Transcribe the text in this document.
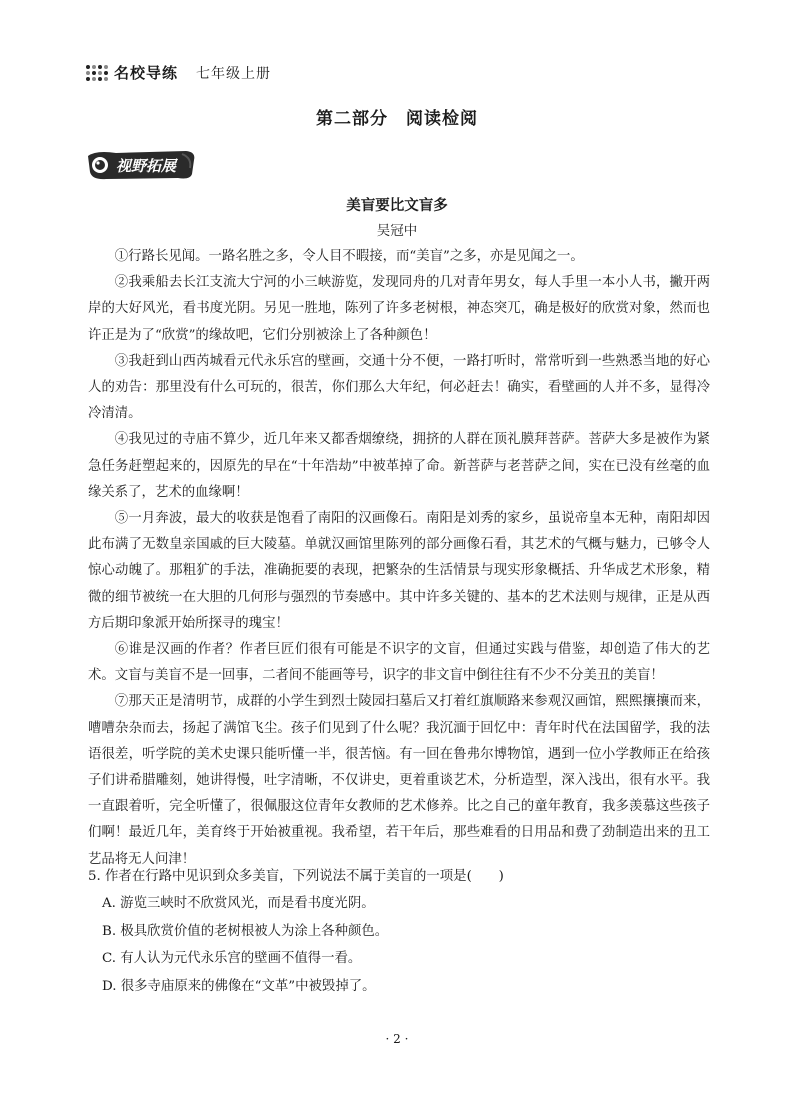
名校导练 七年级上册
第二部分　阅读检阅
视野拓展
美盲要比文盲多
吴冠中

①行路长见闻。一路名胜之多，令人目不暇接，而“美盲”之多，亦是见闻之一。

②我乘船去长江支流大宁河的小三峡游览，发现同舟的几对青年男女，每人手里一本小人书，撇开两岸的大好风光，看书度光阴。另见一胜地，陈列了许多老树根，神态突兀，确是极好的欣赏对象，然而也许正是为了“欣赏”的缘故吧，它们分别被涂上了各种颜色！

③我赶到山西芮城看元代永乐宫的壁画，交通十分不便，一路打听时，常常听到一些熟悉当地的好心人的劝告：那里没有什么可玩的，很苦，你们那么大年纪，何必赶去！确实，看壁画的人并不多，显得冷冷清清。

④我见过的寺庙不算少，近几年来又都香烟缭绕，拥挤的人群在顶礼膜拜菩萨。菩萨大多是被作为紧急任务赶塑起来的，因原先的早在“十年浩劫”中被革掉了命。新菩萨与老菩萨之间，实在已没有丝毫的血缘关系了，艺术的血缘啊！

⑤一月奔波，最大的收获是饱看了南阳的汉画像石。南阳是刘秀的家乡，虽说帝皇本无种，南阳却因此布满了无数皇亲国戚的巨大陵墓。单就汉画馆里陈列的部分画像石看，其艺术的气概与魅力，已够令人惊心动魄了。那粗犷的手法，准确扼要的表现，把繁杂的生活情景与现实形象概括、升华成艺术形象，精微的细节被统一在大胆的几何形与强烈的节奏感中。其中许多关键的、基本的艺术法则与规律，正是从西方后期印象派开始所探寻的瑰宝！

⑥谁是汉画的作者？作者巨匠们很有可能是不识字的文盲，但通过实践与借鉴，却创造了伟大的艺术。文盲与美盲不是一回事，二者间不能画等号，识字的非文盲中倒往往有不少不分美丑的美盲！

⑦那天正是清明节，成群的小学生到烈士陵园扫墓后又打着红旗顺路来参观汉画馆，熙熙攘攘而来，嘈嘈杂杂而去，扬起了满馆飞尘。孩子们见到了什么呢？我沉湎于回忆中：青年时代在法国留学，我的法语很差，听学院的美术史课只能听懂一半，很苦恼。有一回在鲁弗尔博物馆，遇到一位小学教师正在给孩子们讲希腊雕刻，她讲得慢，吐字清晰，不仅讲史，更着重谈艺术，分析造型，深入浅出，很有水平。我一直跟着听，完全听懂了，很佩服这位青年女教师的艺术修养。比之自己的童年教育，我多羡慕这些孩子们啊！最近几年，美育终于开始被重视。我希望，若干年后，那些难看的日用品和费了劲制造出来的丑工艺品将无人问津！

5. 作者在行路中见识到众多美盲，下列说法不属于美盲的一项是(　　)
A. 游览三峡时不欣赏风光，而是看书度光阴。
B. 极具欣赏价值的老树根被人为涂上各种颜色。
C. 有人认为元代永乐宫的壁画不值得一看。
D. 很多寺庙原来的佛像在“文革”中被毁掉了。
· 2 ·
